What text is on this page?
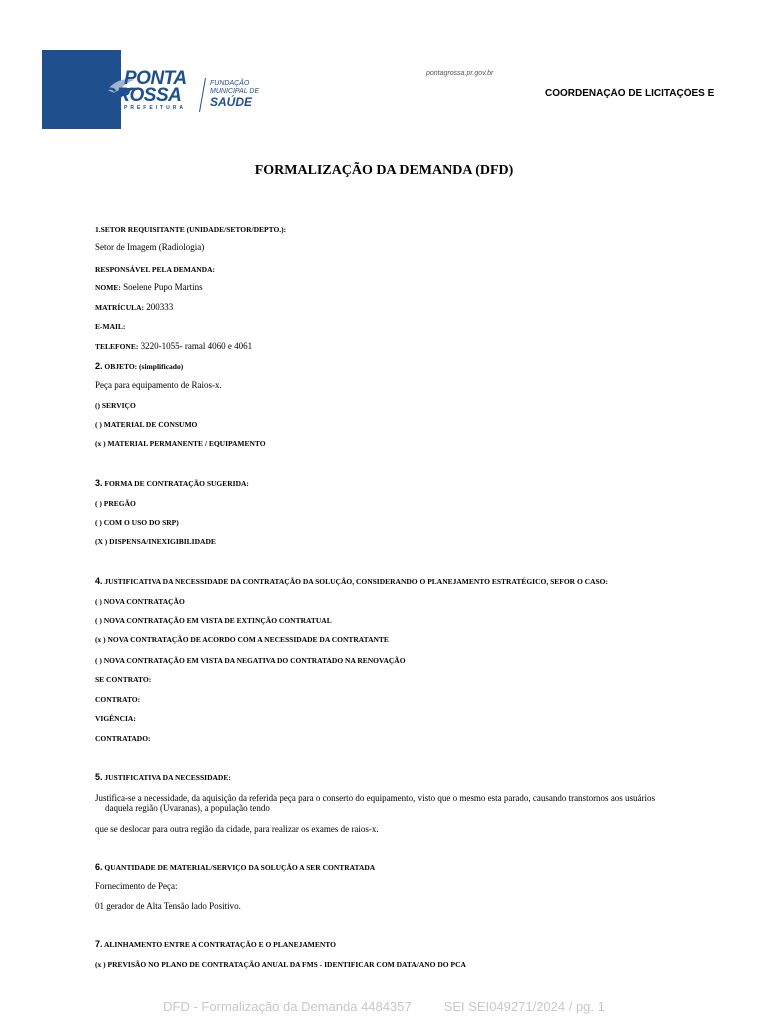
PONTA
GROSSA
PREFEITURA
FUNDAÇÃO
MUNICIPAL DE
SAÚDE
pontagrossa.pr.gov.br
COORDENAÇÃO DE LICITAÇÕES E
FORMALIZAÇÃO DA DEMANDA (DFD)
1.SETOR REQUISITANTE (UNIDADE/SETOR/DEPTO.):
Setor de Imagem (Radiologia)
RESPONSÁVEL PELA DEMANDA:
NOME: Soelene Pupo Martins
MATRÍCULA: 200333
E-MAIL:
TELEFONE: 3220-1055- ramal 4060 e 4061
2. OBJETO: (simplificado)
Peça para equipamento de Raios-x.
() SERVIÇO
( ) MATERIAL DE CONSUMO
(x ) MATERIAL PERMANENTE / EQUIPAMENTO
3. FORMA DE CONTRATAÇÃO SUGERIDA:
( ) PREGÃO
( ) COM O USO DO SRP)
(X ) DISPENSA/INEXIGIBILIDADE
4. JUSTIFICATIVA DA NECESSIDADE DA CONTRATAÇÃO DA SOLUÇÃO, CONSIDERANDO O PLANEJAMENTO ESTRATÉGICO, SEFOR O CASO:
( ) NOVA CONTRATAÇÃO
( ) NOVA CONTRATAÇÃO EM VISTA DE EXTINÇÃO CONTRATUAL
(x ) NOVA CONTRATAÇÃO DE ACORDO COM A NECESSIDADE DA CONTRATANTE
( ) NOVA CONTRATAÇÃO EM VISTA DA NEGATIVA DO CONTRATADO NA RENOVAÇÃO
SE CONTRATO:
CONTRATO:
VIGÊNCIA:
CONTRATADO:
5. JUSTIFICATIVA DA NECESSIDADE:
Justifica-se a necessidade, da aquisição da referida peça para o conserto do equipamento, visto que o mesmo esta parado, causando transtornos aos usuários
daquela região (Uvaranas), a população tendo
que se deslocar para outra região da cidade, para realizar os exames de raios-x.
6. QUANTIDADE DE MATERIAL/SERVIÇO DA SOLUÇÃO A SER CONTRATADA
Fornecimento de Peça:
01 gerador de Alta Tensão lado Positivo.
7. ALINHAMENTO ENTRE A CONTRATAÇÃO E O PLANEJAMENTO
(x ) PREVISÃO NO PLANO DE CONTRATAÇÃO ANUAL DA FMS - IDENTIFICAR COM DATA/ANO DO PCA
DFD - Formalização da Demanda 4484357 SEI SEI049271/2024 / pg. 1
